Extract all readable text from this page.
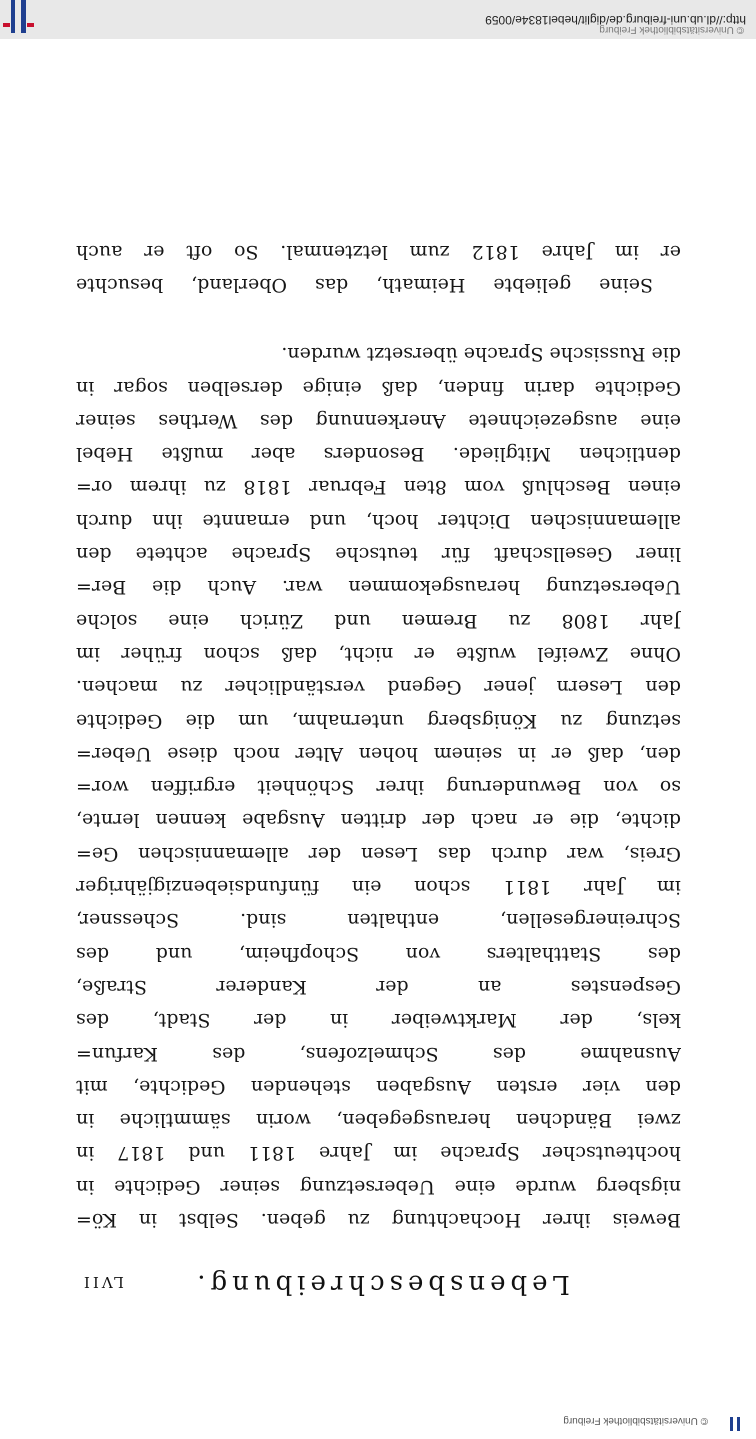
© Universitätsbibliothek Freiburg
http://dl.ub.uni-freiburg.de/diglit/hebel1834e/0059
© Universitätsbibliothek Freiburg
Lebensbeschreibung.
LVII
Beweis ihrer Hochachtung zu geben. Selbst in Kö=
nigsberg wurde eine Uebersetzung seiner Gedichte in
hochteutscher Sprache im Jahre 1811 und 1817 in
zwei Bändchen herausgegeben, worin sämmtliche in
den vier ersten Ausgaben stehenden Gedichte, mit
Ausnahme des Schmelzofens, des Karfun=
kels, der Marktweiber in der Stadt, des
Gespenstes an der Kanderer Straße,
des Statthalters von Schopfheim, und des
Schreinergesellen, enthalten sind. Schessner,
im Jahr 1811 schon ein fünfundsiebenzigjähriger
Greis, war durch das Lesen der allemannischen Ge=
dichte, die er nach der dritten Ausgabe kennen lernte,
so von Bewunderung ihrer Schönheit ergriffen wor=
den, daß er in seinem hohen Alter noch diese Ueber=
setzung zu Königsberg unternahm, um die Gedichte
den Lesern jener Gegend verständlicher zu machen.
Ohne Zweifel wußte er nicht, daß schon früher im
Jahr 1808 zu Bremen und Zürich eine solche
Uebersetzung herausgekommen war. Auch die Ber=
liner Gesellschaft für teutsche Sprache achtete den
allemannischen Dichter hoch, und ernannte ihn durch
einen Beschluß vom 8ten Februar 1818 zu ihrem or=
dentlichen Mitgliede. Besonders aber mußte Hebel
eine ausgezeichnete Anerkennung des Werthes seiner
Gedichte darin finden, daß einige derselben sogar in
die Russische Sprache übersetzt wurden.
Seine geliebte Heimath, das Oberland, besuchte
er im Jahre 1812 zum letztenmal. So oft er auch
